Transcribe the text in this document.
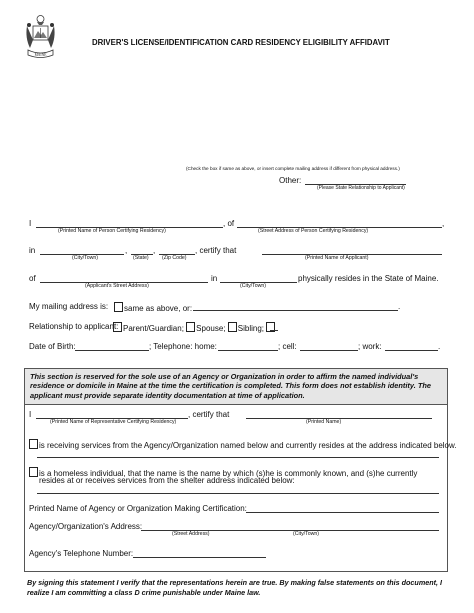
MAINE
DRIVER'S LICENSE/IDENTIFICATION CARD RESIDENCY ELIGIBILITY AFFIDAVIT
(Check the box if same as above, or insert complete mailing address if different from physical address.)
Other:
(Please State Relationship to Applicant)
I	, of	,
(Printed Name of Person Certifying Residency)	(Street Address of Person Certifying Residency)
in	,	,	, certify that
(City/Town)	(State)	(Zip Code)	(Printed Name of Applicant)
of	in	physically resides in the State of Maine.
(Applicant's Street Address)	(City/Town)
My mailing address is:	same as above, or:	.
Relationship to applicant: Parent/Guardian; Spouse; Sibling;
Date of Birth:	; Telephone: home:	; cell:	; work:	.
This section is reserved for the sole use of an Agency or Organization in order to affirm the named individual's residence or domicile in Maine at the time the certification is completed. This form does not establish identity. The applicant must provide separate identity documentation at time of application.
I	, certify that
(Printed Name of Representative Certifying Residency)	(Printed Name)
is receiving services from the Agency/Organization named below and currently resides at the address indicated below.
is a homeless individual, that the name is the name by which (s)he is commonly known, and (s)he currently
resides at or receives services from the shelter address indicated below:
Printed Name of Agency or Organization Making Certification:
Agency/Organization's Address:
(Street Address)	(City/Town)
Agency's Telephone Number:
By signing this statement I verify that the representations herein are true. By making false statements on this document, I realize I am committing a class D crime punishable under Maine law.
